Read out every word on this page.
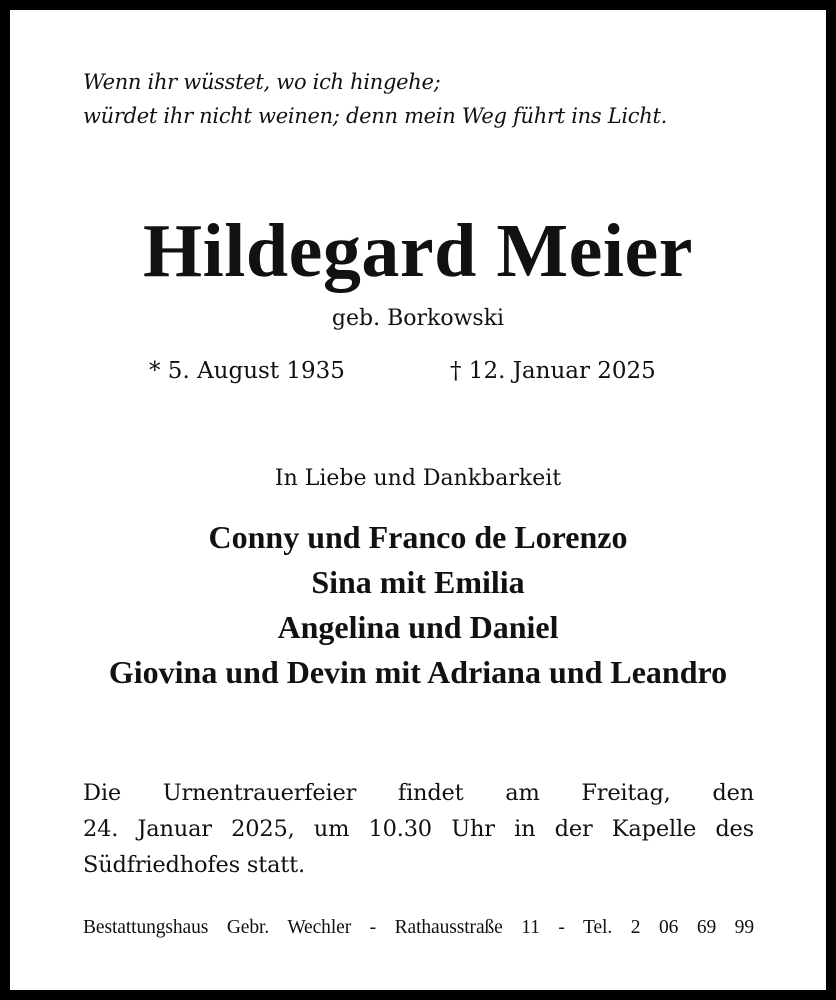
Wenn ihr wüsstet, wo ich hingehe;
würdet ihr nicht weinen; denn mein Weg führt ins Licht.
Hildegard Meier
geb. Borkowski
* 5. August 1935	† 12. Januar 2025
In Liebe und Dankbarkeit
Conny und Franco de Lorenzo
Sina mit Emilia
Angelina und Daniel
Giovina und Devin mit Adriana und Leandro
Die Urnentrauerfeier findet am Freitag, den
24. Januar 2025, um 10.30 Uhr in der Kapelle des
Südfriedhofes statt.
Bestattungshaus Gebr. Wechler - Rathausstraße 11 - Tel. 2 06 69 99
